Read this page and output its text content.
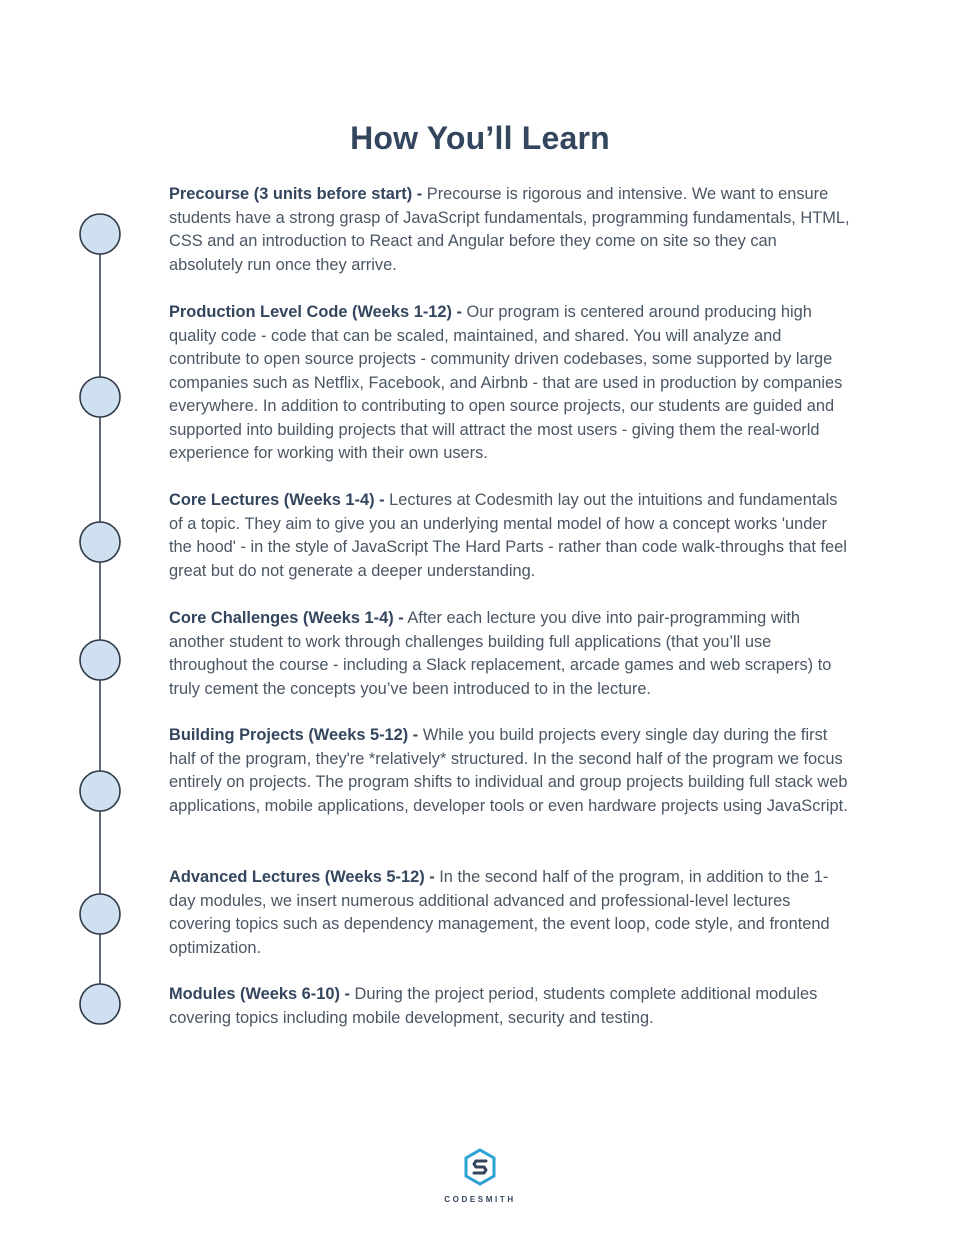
How You’ll Learn

Precourse (3 units before start) - Precourse is rigorous and intensive. We want to ensure students have a strong grasp of JavaScript fundamentals, programming fundamentals, HTML, CSS and an introduction to React and Angular before they come on site so they can absolutely run once they arrive.

Production Level Code (Weeks 1-12) - Our program is centered around producing high quality code - code that can be scaled, maintained, and shared. You will analyze and contribute to open source projects - community driven codebases, some supported by large companies such as Netflix, Facebook, and Airbnb - that are used in production by companies everywhere. In addition to contributing to open source projects, our students are guided and supported into building projects that will attract the most users - giving them the real-world experience for working with their own users.

Core Lectures (Weeks 1-4) - Lectures at Codesmith lay out the intuitions and fundamentals of a topic. They aim to give you an underlying mental model of how a concept works 'under the hood' - in the style of JavaScript The Hard Parts - rather than code walk-throughs that feel great but do not generate a deeper understanding.

Core Challenges (Weeks 1-4) - After each lecture you dive into pair-programming with another student to work through challenges building full applications (that you’ll use throughout the course - including a Slack replacement, arcade games and web scrapers) to truly cement the concepts you’ve been introduced to in the lecture.

Building Projects (Weeks 5-12) - While you build projects every single day during the first half of the program, they're *relatively* structured. In the second half of the program we focus entirely on projects. The program shifts to individual and group projects building full stack web applications, mobile applications, developer tools or even hardware projects using JavaScript.

Advanced Lectures (Weeks 5-12) - In the second half of the program, in addition to the 1-day modules, we insert numerous additional advanced and professional-level lectures covering topics such as dependency management, the event loop, code style, and frontend optimization.

Modules (Weeks 6-10) - During the project period, students complete additional modules covering topics including mobile development, security and testing.

CODESMITH
